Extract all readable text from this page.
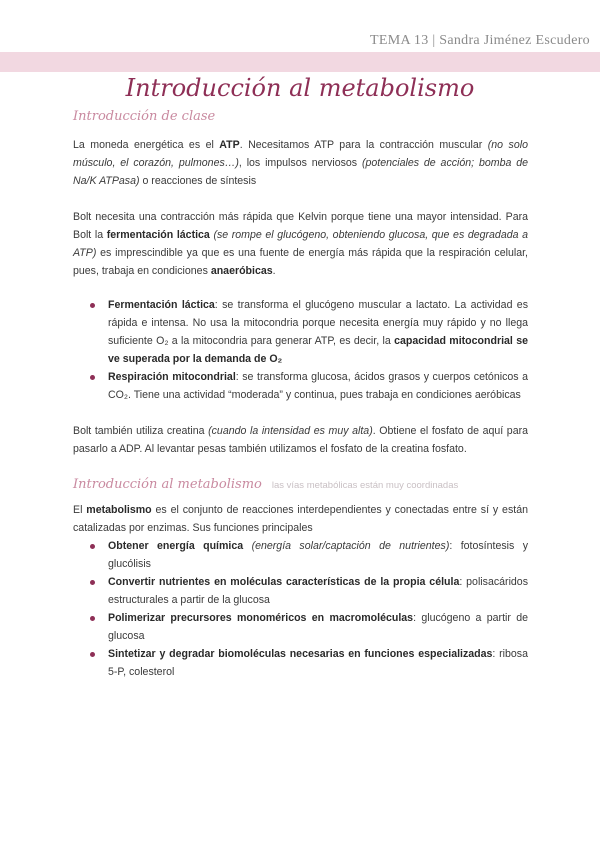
TEMA 13 | Sandra Jiménez Escudero
Introducción al metabolismo
Introducción de clase

La moneda energética es el ATP. Necesitamos ATP para la contracción muscular (no solo músculo, el corazón, pulmones…), los impulsos nerviosos (potenciales de acción; bomba de Na/K ATPasa) o reacciones de síntesis

Bolt necesita una contracción más rápida que Kelvin porque tiene una mayor intensidad. Para Bolt la fermentación láctica (se rompe el glucógeno, obteniendo glucosa, que es degradada a ATP) es imprescindible ya que es una fuente de energía más rápida que la respiración celular, pues, trabaja en condiciones anaeróbicas.

Fermentación láctica: se transforma el glucógeno muscular a lactato. La actividad es rápida e intensa. No usa la mitocondria porque necesita energía muy rápido y no llega suficiente O₂ a la mitocondria para generar ATP, es decir, la capacidad mitocondrial se ve superada por la demanda de O₂
Respiración mitocondrial: se transforma glucosa, ácidos grasos y cuerpos cetónicos a CO₂. Tiene una actividad “moderada” y continua, pues trabaja en condiciones aeróbicas

Bolt también utiliza creatina (cuando la intensidad es muy alta). Obtiene el fosfato de aquí para pasarlo a ADP. Al levantar pesas también utilizamos el fosfato de la creatina fosfato.

Introducción al metabolismo las vías metabólicas están muy coordinadas

El metabolismo es el conjunto de reacciones interdependientes y conectadas entre sí y están catalizadas por enzimas. Sus funciones principales

Obtener energía química (energía solar/captación de nutrientes): fotosíntesis y glucólisis
Convertir nutrientes en moléculas características de la propia célula: polisacáridos estructurales a partir de la glucosa
Polimerizar precursores monoméricos en macromoléculas: glucógeno a partir de glucosa
Sintetizar y degradar biomoléculas necesarias en funciones especializadas: ribosa 5-P, colesterol
